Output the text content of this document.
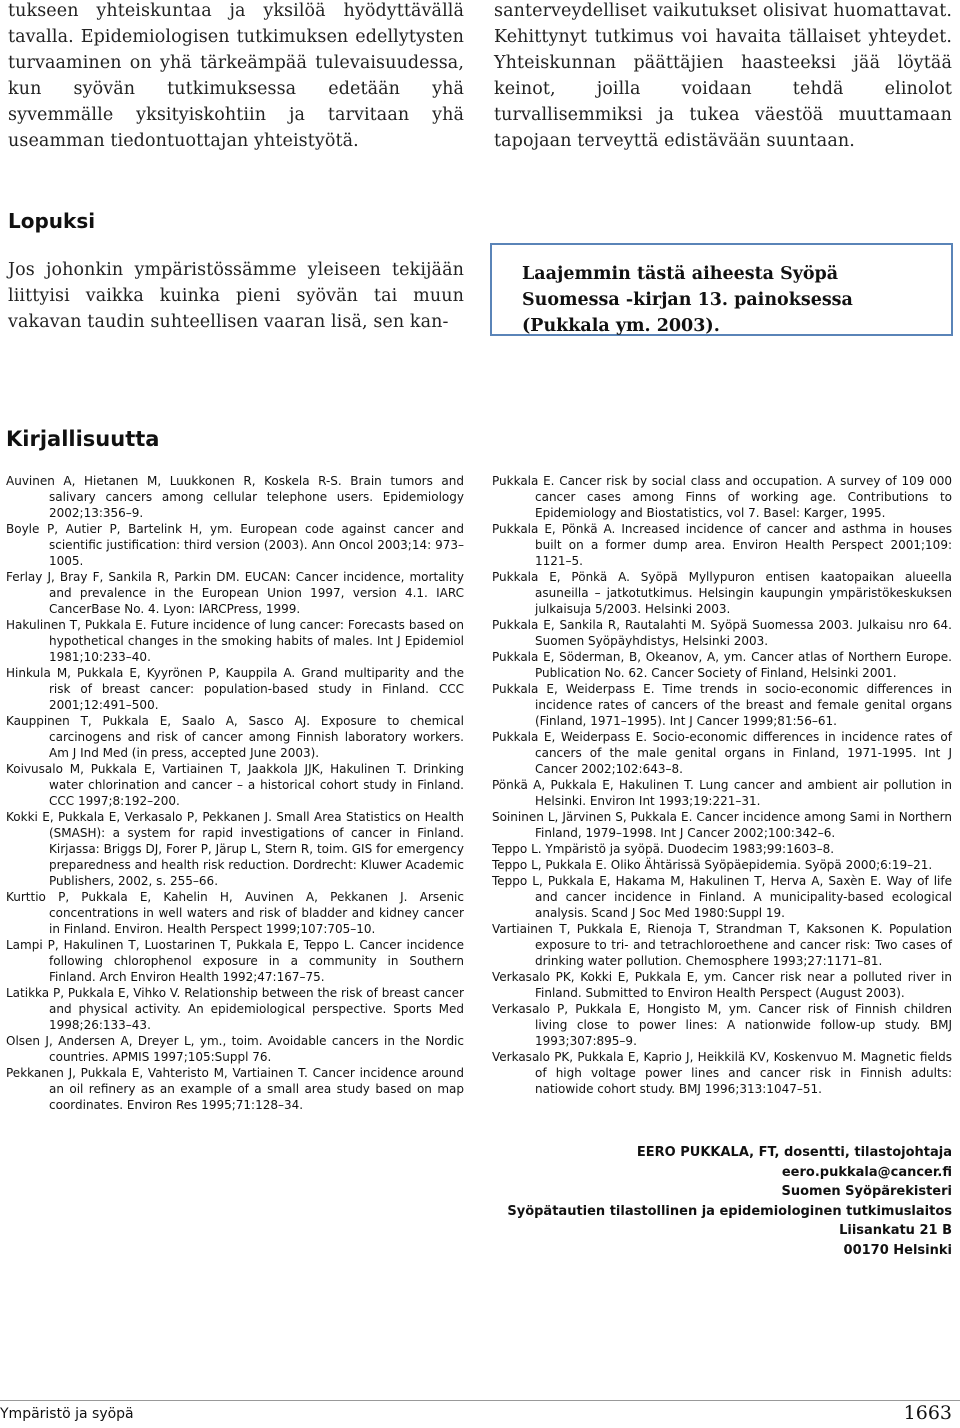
tukseen yhteiskuntaa ja yksilöä hyödyttävällä tavalla. Epidemiologisen tutkimuksen edellytysten turvaaminen on yhä tärkeämpää tulevaisuudessa, kun syövän tutkimuksessa edetään yhä syvemmälle yksityiskohtiin ja tarvitaan yhä useamman tiedontuottajan yhteistyötä.
santerveydelliset vaikutukset olisivat huomattavat. Kehittynyt tutkimus voi havaita tällaiset yhteydet. Yhteiskunnan päättäjien haasteeksi jää löytää keinot, joilla voidaan tehdä elinolot turvallisemmiksi ja tukea väestöä muuttamaan tapojaan terveyttä edistävään suuntaan.
Lopuksi
Jos johonkin ympäristössämme yleiseen tekijään liittyisi vaikka kuinka pieni syövän tai muun vakavan taudin suhteellisen vaaran lisä, sen kan-
Laajemmin tästä aiheesta Syöpä Suomessa -kirjan 13. painoksessa (Pukkala ym. 2003).
Kirjallisuutta
Auvinen A, Hietanen M, Luukkonen R, Koskela R-S. Brain tumors and salivary cancers among cellular telephone users. Epidemiology 2002;13:356–9.
Boyle P, Autier P, Bartelink H, ym. European code against cancer and scientific justification: third version (2003). Ann Oncol 2003;14: 973–1005.
Ferlay J, Bray F, Sankila R, Parkin DM. EUCAN: Cancer incidence, mortality and prevalence in the European Union 1997, version 4.1. IARC CancerBase No. 4. Lyon: IARCPress, 1999.
Hakulinen T, Pukkala E. Future incidence of lung cancer: Forecasts based on hypothetical changes in the smoking habits of males. Int J Epidemiol 1981;10:233–40.
Hinkula M, Pukkala E, Kyyrönen P, Kauppila A. Grand multiparity and the risk of breast cancer: population-based study in Finland. CCC 2001;12:491–500.
Kauppinen T, Pukkala E, Saalo A, Sasco AJ. Exposure to chemical carcinogens and risk of cancer among Finnish laboratory workers. Am J Ind Med (in press, accepted June 2003).
Koivusalo M, Pukkala E, Vartiainen T, Jaakkola JJK, Hakulinen T. Drinking water chlorination and cancer – a historical cohort study in Finland. CCC 1997;8:192–200.
Kokki E, Pukkala E, Verkasalo P, Pekkanen J. Small Area Statistics on Health (SMASH): a system for rapid investigations of cancer in Finland. Kirjassa: Briggs DJ, Forer P, Järup L, Stern R, toim. GIS for emergency preparedness and health risk reduction. Dordrecht: Kluwer Academic Publishers, 2002, s. 255–66.
Kurttio P, Pukkala E, Kahelin H, Auvinen A, Pekkanen J. Arsenic concentrations in well waters and risk of bladder and kidney cancer in Finland. Environ. Health Perspect 1999;107:705–10.
Lampi P, Hakulinen T, Luostarinen T, Pukkala E, Teppo L. Cancer incidence following chlorophenol exposure in a community in Southern Finland. Arch Environ Health 1992;47:167–75.
Latikka P, Pukkala E, Vihko V. Relationship between the risk of breast cancer and physical activity. An epidemiological perspective. Sports Med 1998;26:133–43.
Olsen J, Andersen A, Dreyer L, ym., toim. Avoidable cancers in the Nordic countries. APMIS 1997;105:Suppl 76.
Pekkanen J, Pukkala E, Vahteristo M, Vartiainen T. Cancer incidence around an oil refinery as an example of a small area study based on map coordinates. Environ Res 1995;71:128–34.
Pukkala E. Cancer risk by social class and occupation. A survey of 109 000 cancer cases among Finns of working age. Contributions to Epidemiology and Biostatistics, vol 7. Basel: Karger, 1995.
Pukkala E, Pönkä A. Increased incidence of cancer and asthma in houses built on a former dump area. Environ Health Perspect 2001;109: 1121–5.
Pukkala E, Pönkä A. Syöpä Myllypuron entisen kaatopaikan alueella asuneilla – jatkotutkimus. Helsingin kaupungin ympäristökeskuksen julkaisuja 5/2003. Helsinki 2003.
Pukkala E, Sankila R, Rautalahti M. Syöpä Suomessa 2003. Julkaisu nro 64. Suomen Syöpäyhdistys, Helsinki 2003.
Pukkala E, Söderman, B, Okeanov, A, ym. Cancer atlas of Northern Europe. Publication No. 62. Cancer Society of Finland, Helsinki 2001.
Pukkala E, Weiderpass E. Time trends in socio-economic differences in incidence rates of cancers of the breast and female genital organs (Finland, 1971–1995). Int J Cancer 1999;81:56–61.
Pukkala E, Weiderpass E. Socio-economic differences in incidence rates of cancers of the male genital organs in Finland, 1971-1995. Int J Cancer 2002;102:643–8.
Pönkä A, Pukkala E, Hakulinen T. Lung cancer and ambient air pollution in Helsinki. Environ Int 1993;19:221–31.
Soininen L, Järvinen S, Pukkala E. Cancer incidence among Sami in Northern Finland, 1979–1998. Int J Cancer 2002;100:342–6.
Teppo L. Ympäristö ja syöpä. Duodecim 1983;99:1603–8.
Teppo L, Pukkala E. Oliko Ähtärissä Syöpäepidemia. Syöpä 2000;6:19–21.
Teppo L, Pukkala E, Hakama M, Hakulinen T, Herva A, Saxèn E. Way of life and cancer incidence in Finland. A municipality-based ecological analysis. Scand J Soc Med 1980:Suppl 19.
Vartiainen T, Pukkala E, Rienoja T, Strandman T, Kaksonen K. Population exposure to tri- and tetrachloroethene and cancer risk: Two cases of drinking water pollution. Chemosphere 1993;27:1171–81.
Verkasalo PK, Kokki E, Pukkala E, ym. Cancer risk near a polluted river in Finland. Submitted to Environ Health Perspect (August 2003).
Verkasalo P, Pukkala E, Hongisto M, ym. Cancer risk of Finnish children living close to power lines: A nationwide follow-up study. BMJ 1993;307:895–9.
Verkasalo PK, Pukkala E, Kaprio J, Heikkilä KV, Koskenvuo M. Magnetic fields of high voltage power lines and cancer risk in Finnish adults: natiowide cohort study. BMJ 1996;313:1047–51.
EERO PUKKALA, FT, dosentti, tilastojohtaja
eero.pukkala@cancer.fi
Suomen Syöpärekisteri
Syöpätautien tilastollinen ja epidemiologinen tutkimuslaitos
Liisankatu 21 B
00170 Helsinki
Ympäristö ja syöpä	1663
